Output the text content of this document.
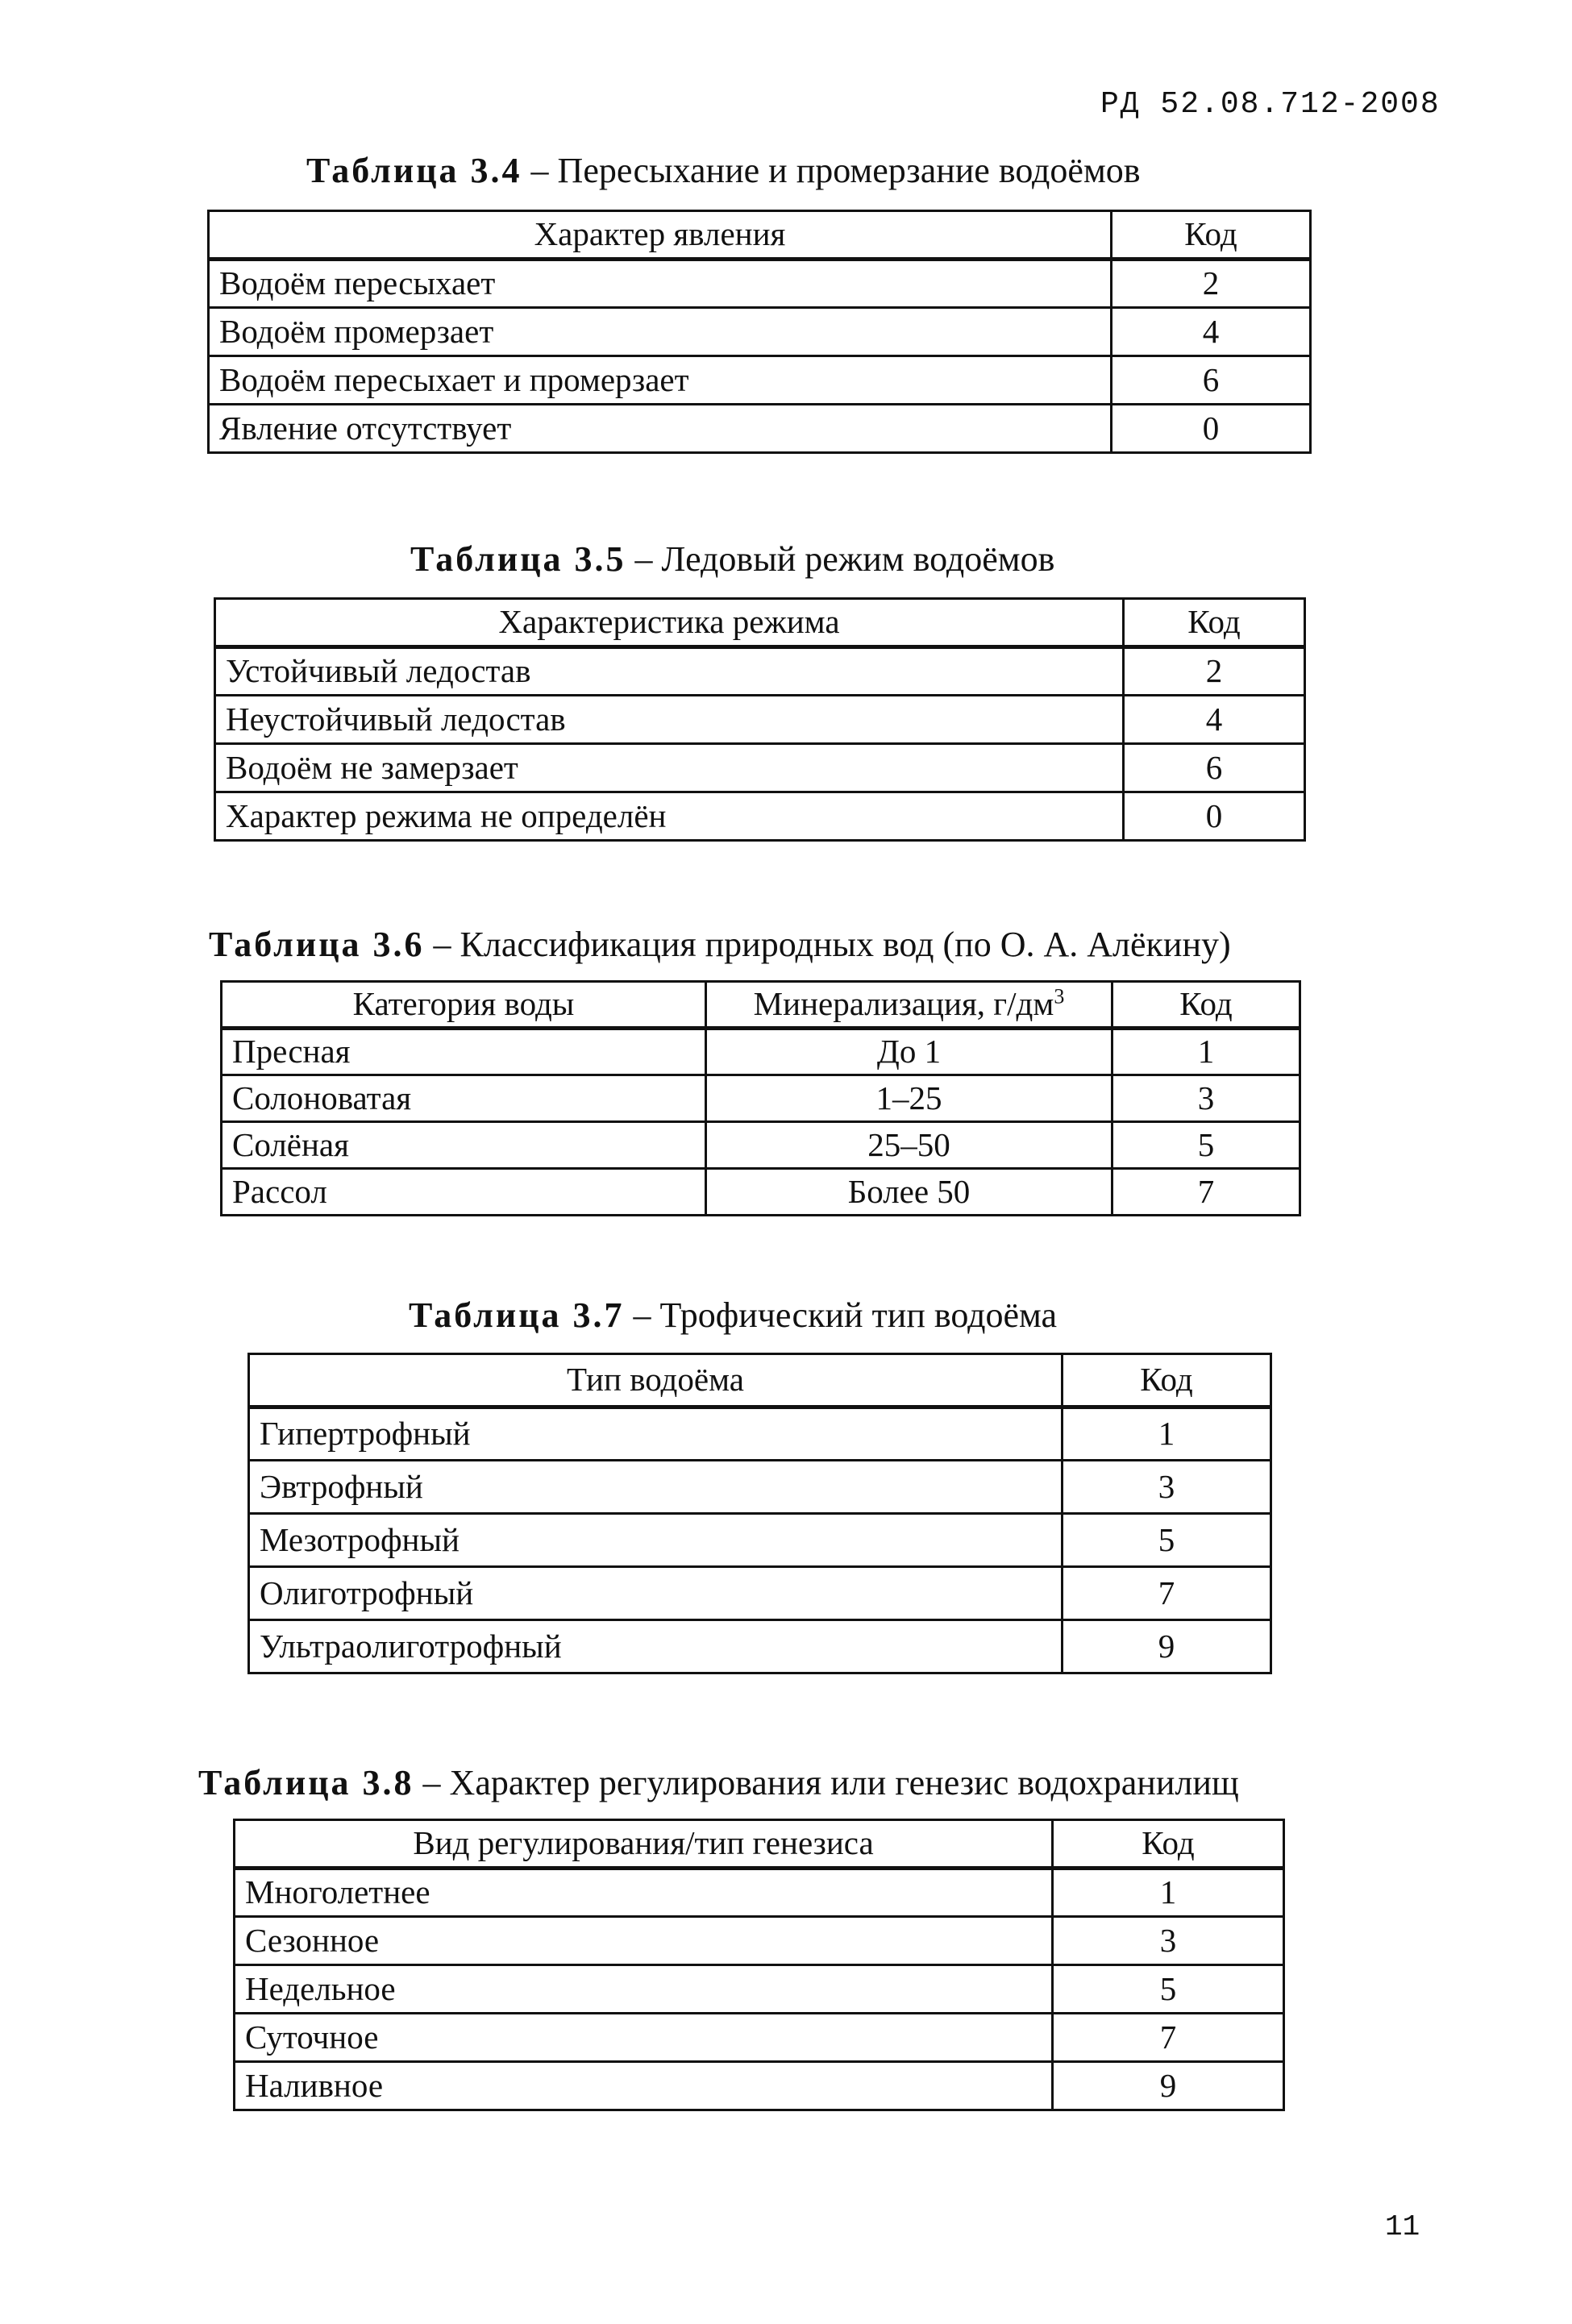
РД 52.08.712-2008
Таблица 3.4 – Пересыхание и промерзание водоёмов
Характер явления	Код
Водоём пересыхает	2
Водоём промерзает	4
Водоём пересыхает и промерзает	6
Явление отсутствует	0
Таблица 3.5 – Ледовый режим водоёмов
Характеристика режима	Код
Устойчивый ледостав	2
Неустойчивый ледостав	4
Водоём не замерзает	6
Характер режима не определён	0
Таблица 3.6 – Классификация природных вод (по О. А. Алёкину)
Категория воды	Минерализация, $г/дм^3$	Код
Пресная	До 1	1
Солоноватая	1–25	3
Солёная	25–50	5
Рассол	Более 50	7
Таблица 3.7 – Трофический тип водоёма
Тип водоёма	Код
Гипертрофный	1
Эвтрофный	3
Мезотрофный	5
Олиготрофный	7
Ультраолиготрофный	9
Таблица 3.8 – Характер регулирования или генезис водохранилищ
Вид регулирования/тип генезиса	Код
Многолетнее	1
Сезонное	3
Недельное	5
Суточное	7
Наливное	9
11
